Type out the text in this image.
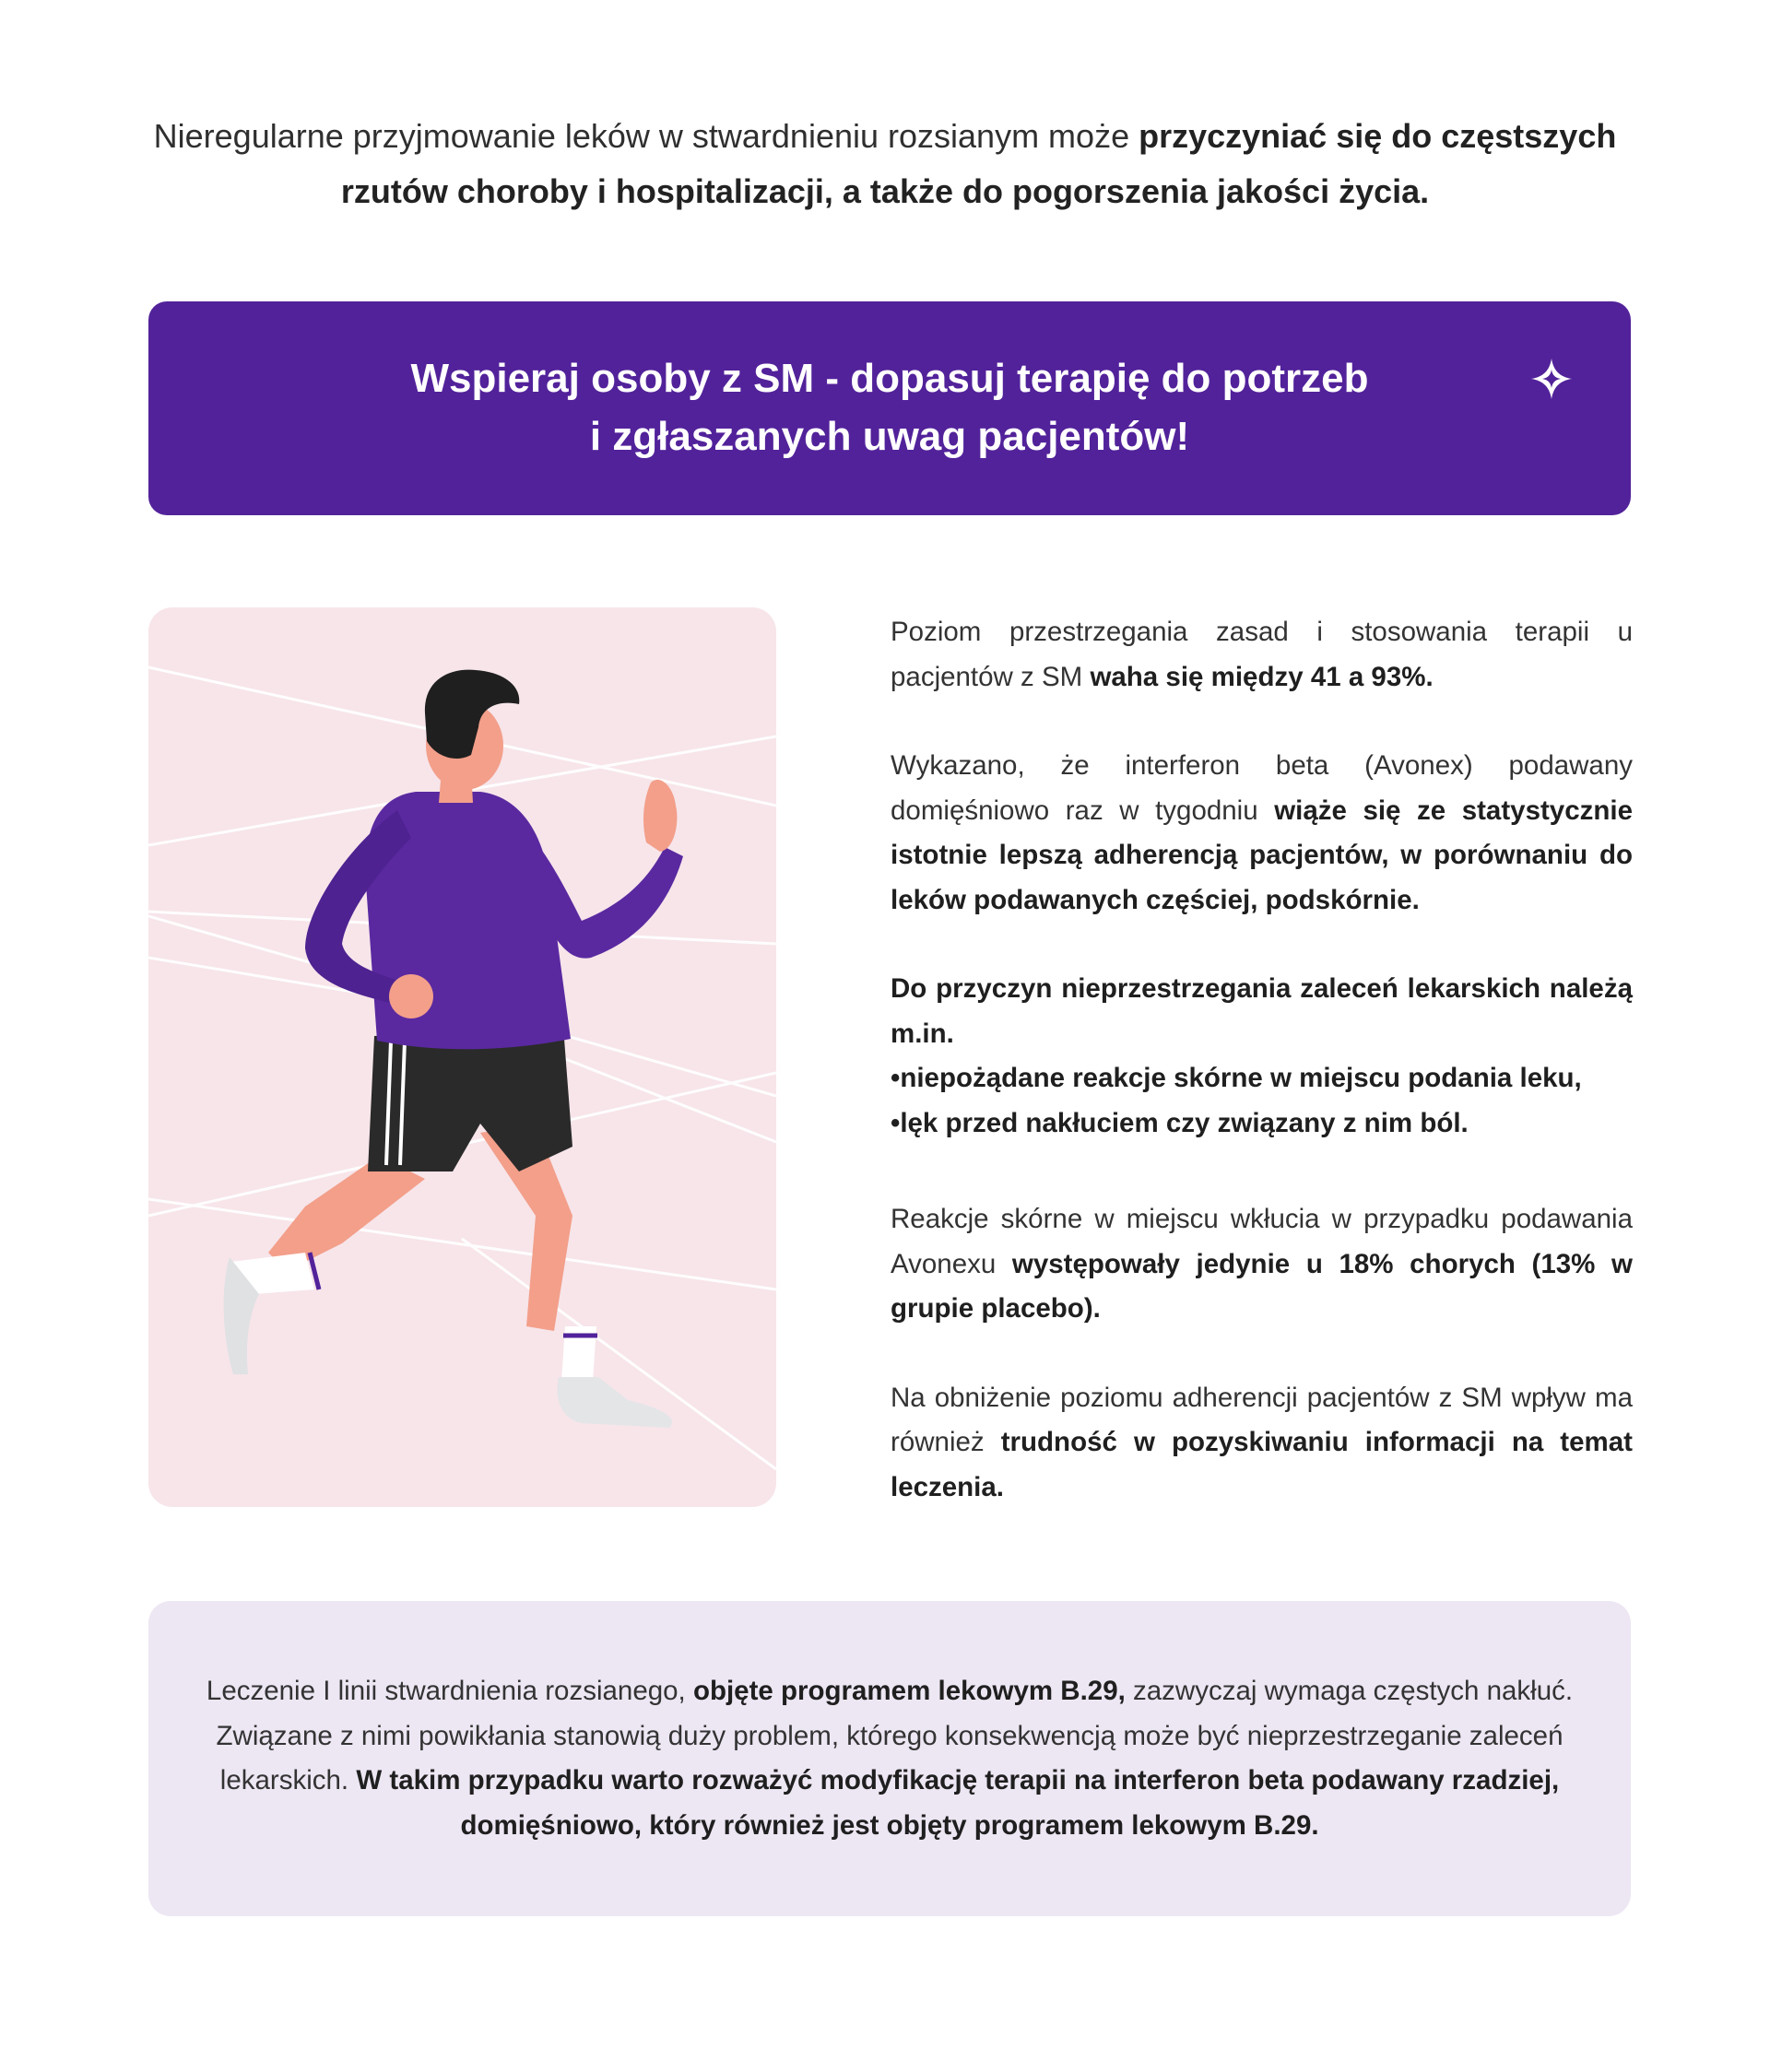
Nieregularne przyjmowanie leków w stwardnieniu rozsianym może przyczyniać się do częstszych rzutów choroby i hospitalizacji, a także do pogorszenia jakości życia.
Wspieraj osoby z SM - dopasuj terapię do potrzeb
i zgłaszanych uwag pacjentów!

Poziom przestrzegania zasad i stosowania terapii u pacjentów z SM waha się między 41 a 93%.

Wykazano, że interferon beta (Avonex) podawany domięśniowo raz w tygodniu wiąże się ze statystycznie istotnie lepszą adherencją pacjentów, w porównaniu do leków podawanych częściej, podskórnie.

Do przyczyn nieprzestrzegania zaleceń lekarskich należą m.in.

• niepożądane reakcje skórne w miejscu podania leku,
• lęk przed nakłuciem czy związany z nim ból.

Reakcje skórne w miejscu wkłucia w przypadku podawania Avonexu występowały jedynie u 18% chorych (13% w grupie placebo).

Na obniżenie poziomu adherencji pacjentów z SM wpływ ma również trudność w pozyskiwaniu informacji na temat leczenia.

Leczenie I linii stwardnienia rozsianego, objęte programem lekowym B.29, zazwyczaj wymaga częstych nakłuć. Związane z nimi powikłania stanowią duży problem, którego konsekwencją może być nieprzestrzeganie zaleceń lekarskich. W takim przypadku warto rozważyć modyfikację terapii na interferon beta podawany rzadziej, domięśniowo, który również jest objęty programem lekowym B.29.
